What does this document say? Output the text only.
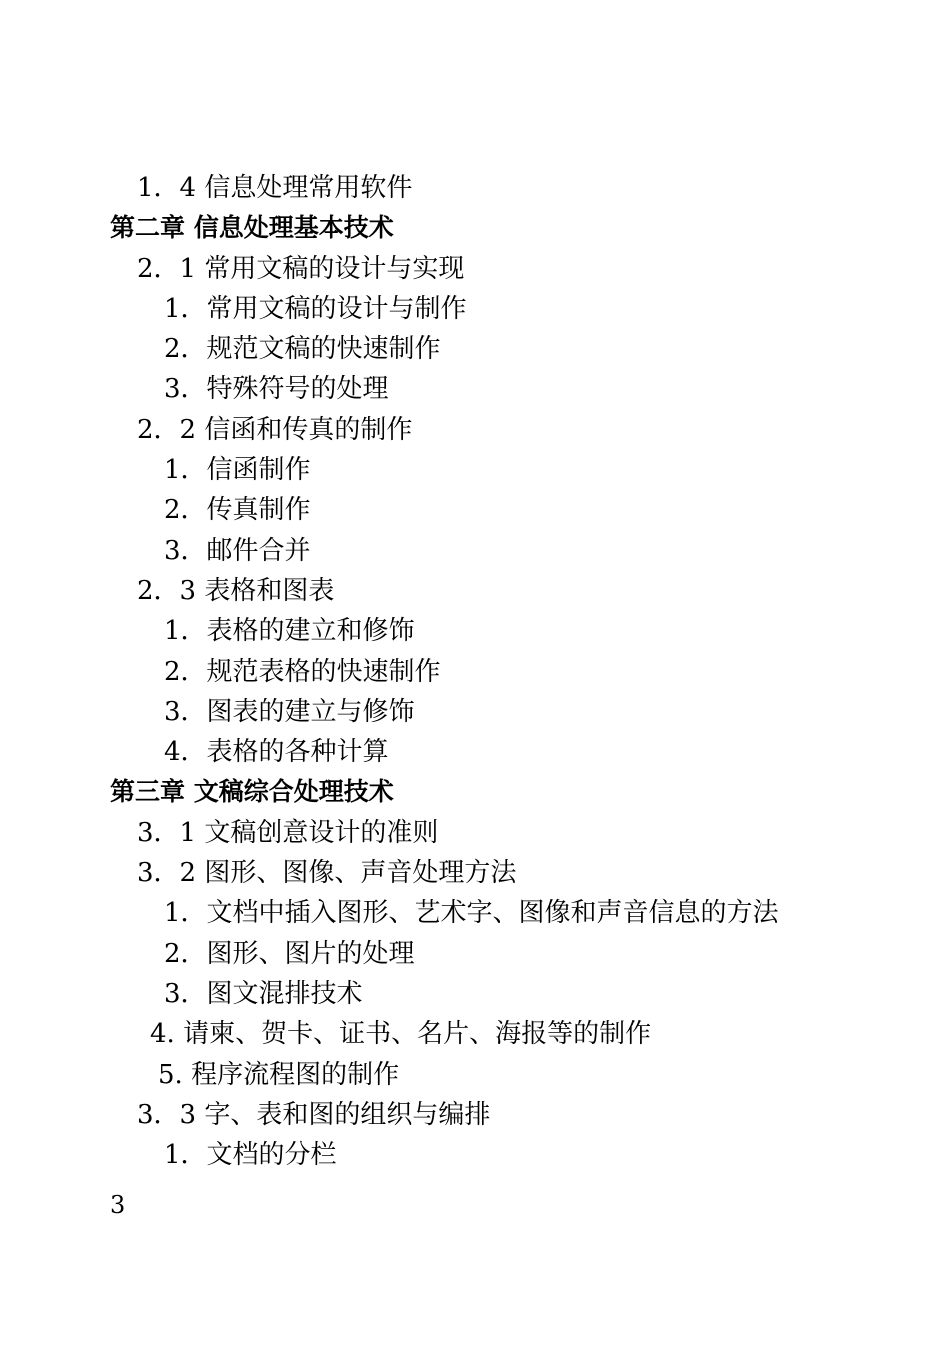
1．4 信息处理常用软件
第二章 信息处理基本技术
2．1 常用文稿的设计与实现
1．常用文稿的设计与制作
2．规范文稿的快速制作
3．特殊符号的处理
2．2 信函和传真的制作
1．信函制作
2．传真制作
3．邮件合并
2．3 表格和图表
1．表格的建立和修饰
2．规范表格的快速制作
3．图表的建立与修饰
4．表格的各种计算
第三章 文稿综合处理技术
3．1 文稿创意设计的准则
3．2 图形、图像、声音处理方法
1．文档中插入图形、艺术字、图像和声音信息的方法
2．图形、图片的处理
3．图文混排技术
4. 请柬、贺卡、证书、名片、海报等的制作
5. 程序流程图的制作
3．3 字、表和图的组织与编排
1．文档的分栏
3
